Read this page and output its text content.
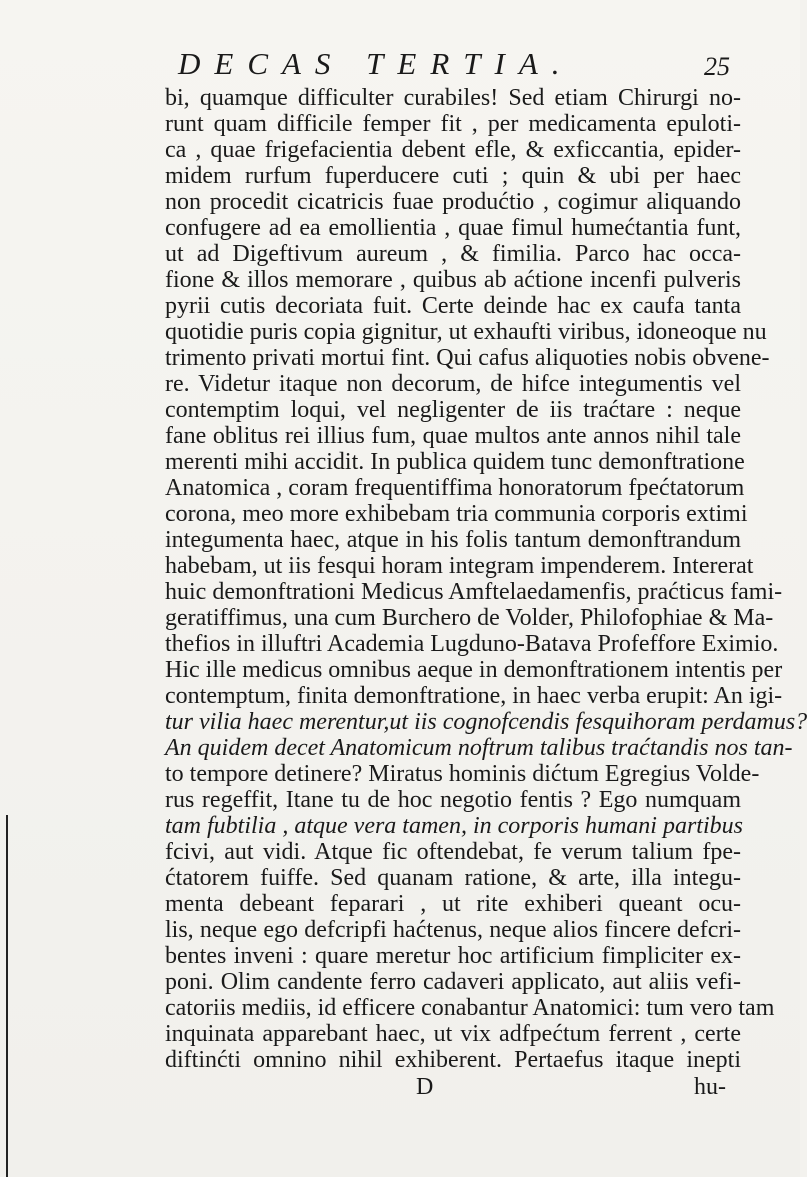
DECAS TERTIA.	25
bi, quamque difficulter curabiles! Sed etiam Chirurgi no-
runt quam difficile femper fit , per medicamenta epuloti-
ca , quae frigefacientia debent efle, & exficcantia, epider-
midem rurfum fuperducere cuti ; quin & ubi per haec
non procedit cicatricis fuae produćtio , cogimur aliquando
confugere ad ea emollientia , quae fimul humećtantia funt,
ut ad Digeftivum aureum , & fimilia. Parco hac occa-
fione & illos memorare , quibus ab aćtione incenfi pulveris
pyrii cutis decoriata fuit. Certe deinde hac ex caufa tanta
quotidie puris copia gignitur, ut exhaufti viribus, idoneoque nu
trimento privati mortui fint. Qui cafus aliquoties nobis obvene-
re. Videtur itaque non decorum, de hifce integumentis vel
contemptim loqui, vel negligenter de iis traćtare : neque
fane oblitus rei illius fum, quae multos ante annos nihil tale
merenti mihi accidit. In publica quidem tunc demonftratione
Anatomica , coram frequentiffima honoratorum fpećtatorum
corona, meo more exhibebam tria communia corporis extimi
integumenta haec, atque in his folis tantum demonftrandum
habebam, ut iis fesqui horam integram impenderem. Intererat
huic demonftrationi Medicus Amftelaedamenfis, praćticus fami-
geratiffimus, una cum Burchero de Volder, Philofophiae & Ma-
thefios in illuftri Academia Lugduno-Batava Profeffore Eximio.
Hic ille medicus omnibus aeque in demonftrationem intentis per
contemptum, finita demonftratione, in haec verba erupit: An igi-
tur vilia haec merentur,ut iis cognofcendis fesquihoram perdamus?
An quidem decet Anatomicum noftrum talibus traćtandis nos tan-
to tempore detinere? Miratus hominis dićtum Egregius Volde-
rus regeffit, Itane tu de hoc negotio fentis ? Ego numquam
tam fubtilia , atque vera tamen, in corporis humani partibus
fcivi, aut vidi. Atque fic oftendebat, fe verum talium fpe-
ćtatorem fuiffe. Sed quanam ratione, & arte, illa integu-
menta debeant feparari , ut rite exhiberi queant ocu-
lis, neque ego defcripfi haćtenus, neque alios fincere defcri-
bentes inveni : quare meretur hoc artificium fimpliciter ex-
poni. Olim candente ferro cadaveri applicato, aut aliis vefi-
catoriis mediis, id efficere conabantur Anatomici: tum vero tam
inquinata apparebant haec, ut vix adfpećtum ferrent , certe
diftinćti omnino nihil exhiberent. Pertaefus itaque inepti
D	hu-
